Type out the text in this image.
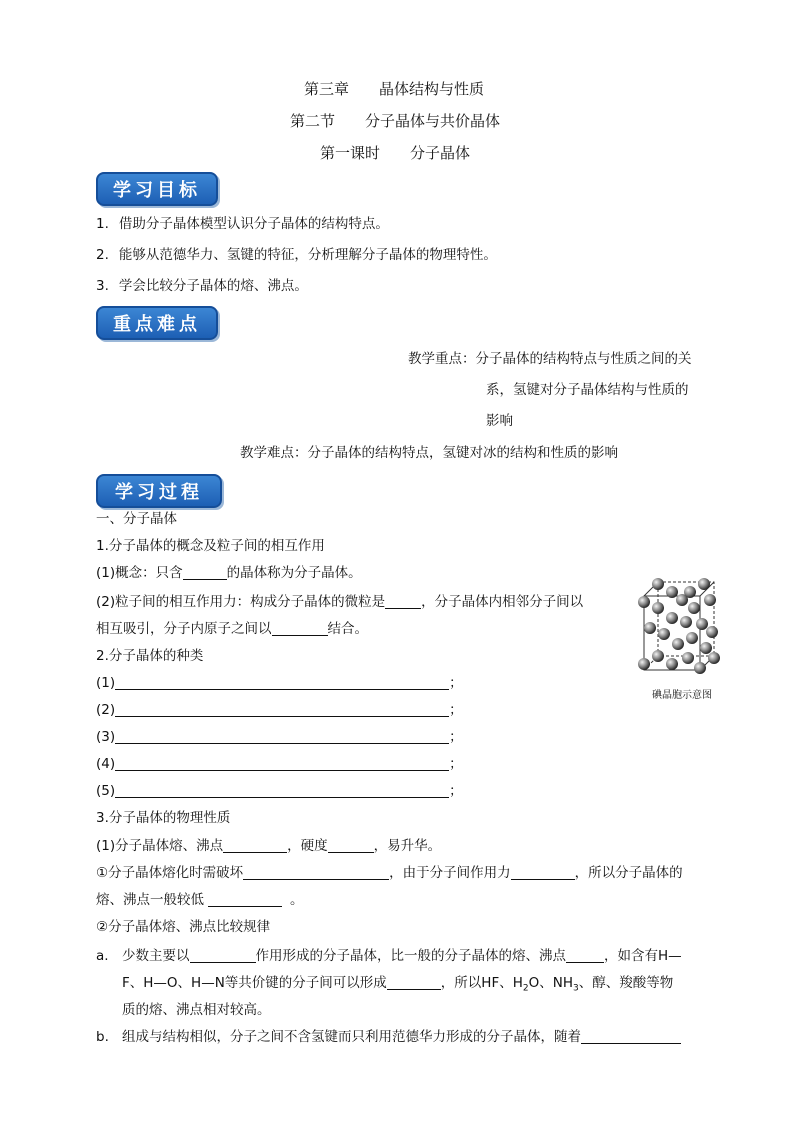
第三章　　晶体结构与性质
第二节　　分子晶体与共价晶体
第一课时　　分子晶体
学习目标
1. 借助分子晶体模型认识分子晶体的结构特点。
2. 能够从范德华力、氢键的特征，分析理解分子晶体的物理特性。
3. 学会比较分子晶体的熔、沸点。
重点难点
教学重点：分子晶体的结构特点与性质之间的关
系，氢键对分子晶体结构与性质的
影响
教学难点：分子晶体的结构特点，氢键对冰的结构和性质的影响
学习过程
一、分子晶体
1.分子晶体的概念及粒子间的相互作用
(1)概念：只含	的晶体称为分子晶体。
(2)粒子间的相互作用力：构成分子晶体的微粒是	，分子晶体内相邻分子间以
相互吸引，分子内原子之间以	结合。
2.分子晶体的种类
(1)	；
(2)	；
(3)	；
(4)	；
(5)	；
3.分子晶体的物理性质
(1)分子晶体熔、沸点	，硬度	，易升华。
①分子晶体熔化时需破坏	，由于分子间作用力	，所以分子晶体的
熔、沸点一般较低	。
②分子晶体熔、沸点比较规律
a. 少数主要以	作用形成的分子晶体，比一般的分子晶体的熔、沸点	，如含有H—
F、H—O、H—N等共价键的分子间可以形成	，所以HF、$H_2O$、$NH_3$、醇、羧酸等物
质的熔、沸点相对较高。
b. 组成与结构相似，分子之间不含氢键而只利用范德华力形成的分子晶体，随着
碘晶胞示意图
